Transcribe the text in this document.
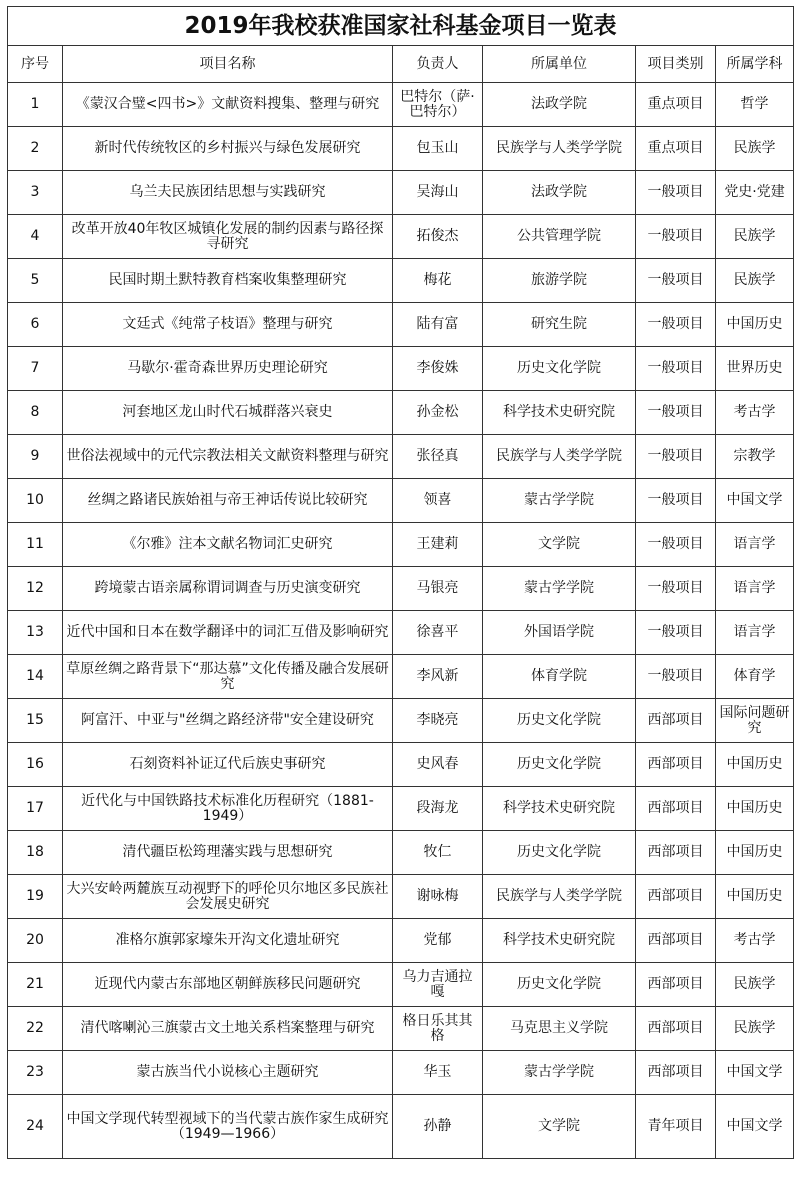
2019年我校获准国家社科基金项目一览表					
序号	项目名称	负责人	所属单位	项目类别	所属学科
1	《蒙汉合璧<四书>》文献资料搜集、整理与研究	巴特尔（萨·巴特尔）	法政学院	重点项目	哲学
2	新时代传统牧区的乡村振兴与绿色发展研究	包玉山	民族学与人类学学院	重点项目	民族学
3	乌兰夫民族团结思想与实践研究	吴海山	法政学院	一般项目	党史·党建
4	改革开放40年牧区城镇化发展的制约因素与路径探寻研究	拓俊杰	公共管理学院	一般项目	民族学
5	民国时期土默特教育档案收集整理研究	梅花	旅游学院	一般项目	民族学
6	文廷式《纯常子枝语》整理与研究	陆有富	研究生院	一般项目	中国历史
7	马歇尔·霍奇森世界历史理论研究	李俊姝	历史文化学院	一般项目	世界历史
8	河套地区龙山时代石城群落兴衰史	孙金松	科学技术史研究院	一般项目	考古学
9	世俗法视域中的元代宗教法相关文献资料整理与研究	张径真	民族学与人类学学院	一般项目	宗教学
10	丝绸之路诸民族始祖与帝王神话传说比较研究	领喜	蒙古学学院	一般项目	中国文学
11	《尔雅》注本文献名物词汇史研究	王建莉	文学院	一般项目	语言学
12	跨境蒙古语亲属称谓词调查与历史演变研究	马银亮	蒙古学学院	一般项目	语言学
13	近代中国和日本在数学翻译中的词汇互借及影响研究	徐喜平	外国语学院	一般项目	语言学
14	草原丝绸之路背景下“那达慕”文化传播及融合发展研究	李风新	体育学院	一般项目	体育学
15	阿富汗、中亚与"丝绸之路经济带"安全建设研究	李晓亮	历史文化学院	西部项目	国际问题研究
16	石刻资料补证辽代后族史事研究	史风春	历史文化学院	西部项目	中国历史
17	近代化与中国铁路技术标准化历程研究（1881-1949）	段海龙	科学技术史研究院	西部项目	中国历史
18	清代疆臣松筠理藩实践与思想研究	牧仁	历史文化学院	西部项目	中国历史
19	大兴安岭两麓族互动视野下的呼伦贝尔地区多民族社会发展史研究	谢咏梅	民族学与人类学学院	西部项目	中国历史
20	准格尔旗郭家壕朱开沟文化遗址研究	党郁	科学技术史研究院	西部项目	考古学
21	近现代内蒙古东部地区朝鲜族移民问题研究	乌力吉通拉嘎	历史文化学院	西部项目	民族学
22	清代喀喇沁三旗蒙古文土地关系档案整理与研究	格日乐其其格	马克思主义学院	西部项目	民族学
23	蒙古族当代小说核心主题研究	华玉	蒙古学学院	西部项目	中国文学
24	中国文学现代转型视域下的当代蒙古族作家生成研究（1949—1966）	孙静	文学院	青年项目	中国文学
